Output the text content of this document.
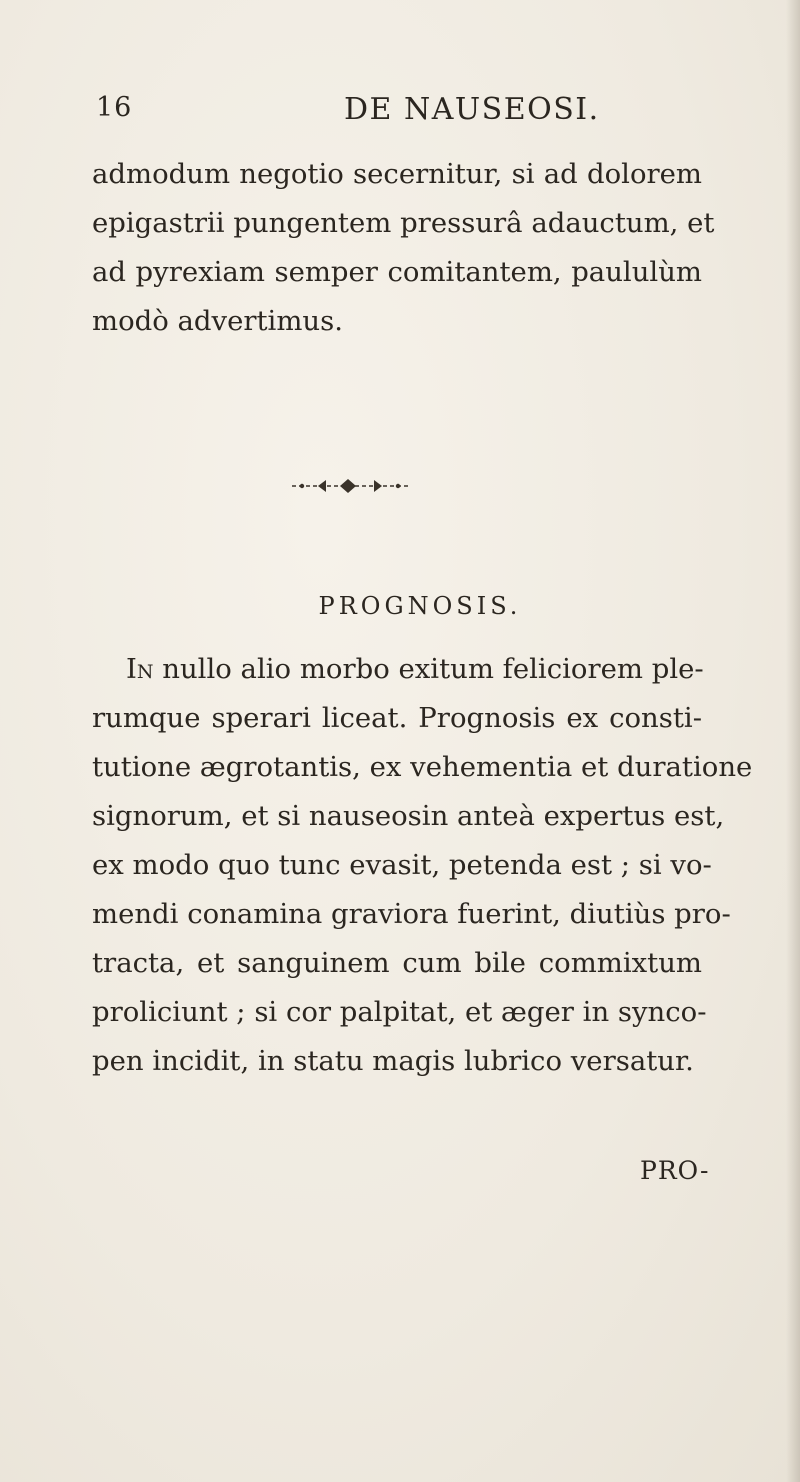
16	DE NAUSEOSI.
admodum negotio secernitur, si ad dolorem
epigastrii pungentem pressurâ adauctum, et
ad pyrexiam semper comitantem, paululùm
modò advertimus.
PROGNOSIS.
In nullo alio morbo exitum feliciorem ple-
rumque sperari liceat. Prognosis ex consti-
tutione ægrotantis, ex vehementia et duratione
signorum, et si nauseosin anteà expertus est,
ex modo quo tunc evasit, petenda est ; si vo-
mendi conamina graviora fuerint, diutiùs pro-
tracta, et sanguinem cum bile commixtum
proliciunt ; si cor palpitat, et æger in synco-
pen incidit, in statu magis lubrico versatur.
PRO-
